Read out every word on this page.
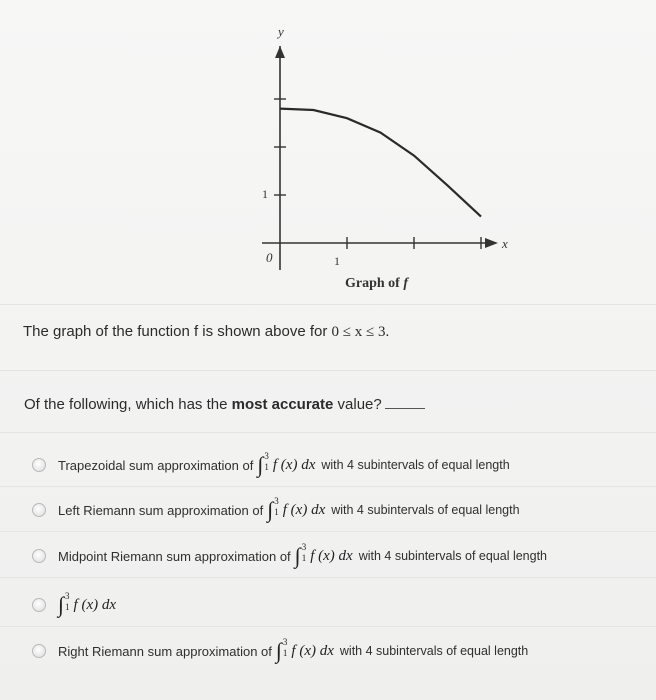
y
x
0
1
1
Graph of f
The graph of the function f is shown above for 0 ≤ x ≤ 3.
Of the following, which has the most accurate value?
Trapezoidal sum approximation of ∫ 3
1 f (x) dx with 4 subintervals of equal length
Left Riemann sum approximation of ∫ 3
1 f (x) dx with 4 subintervals of equal length
Midpoint Riemann sum approximation of ∫ 3
1 f (x) dx with 4 subintervals of equal length
∫ 3
1 f (x) dx
Right Riemann sum approximation of ∫ 3
1 f (x) dx with 4 subintervals of equal length
